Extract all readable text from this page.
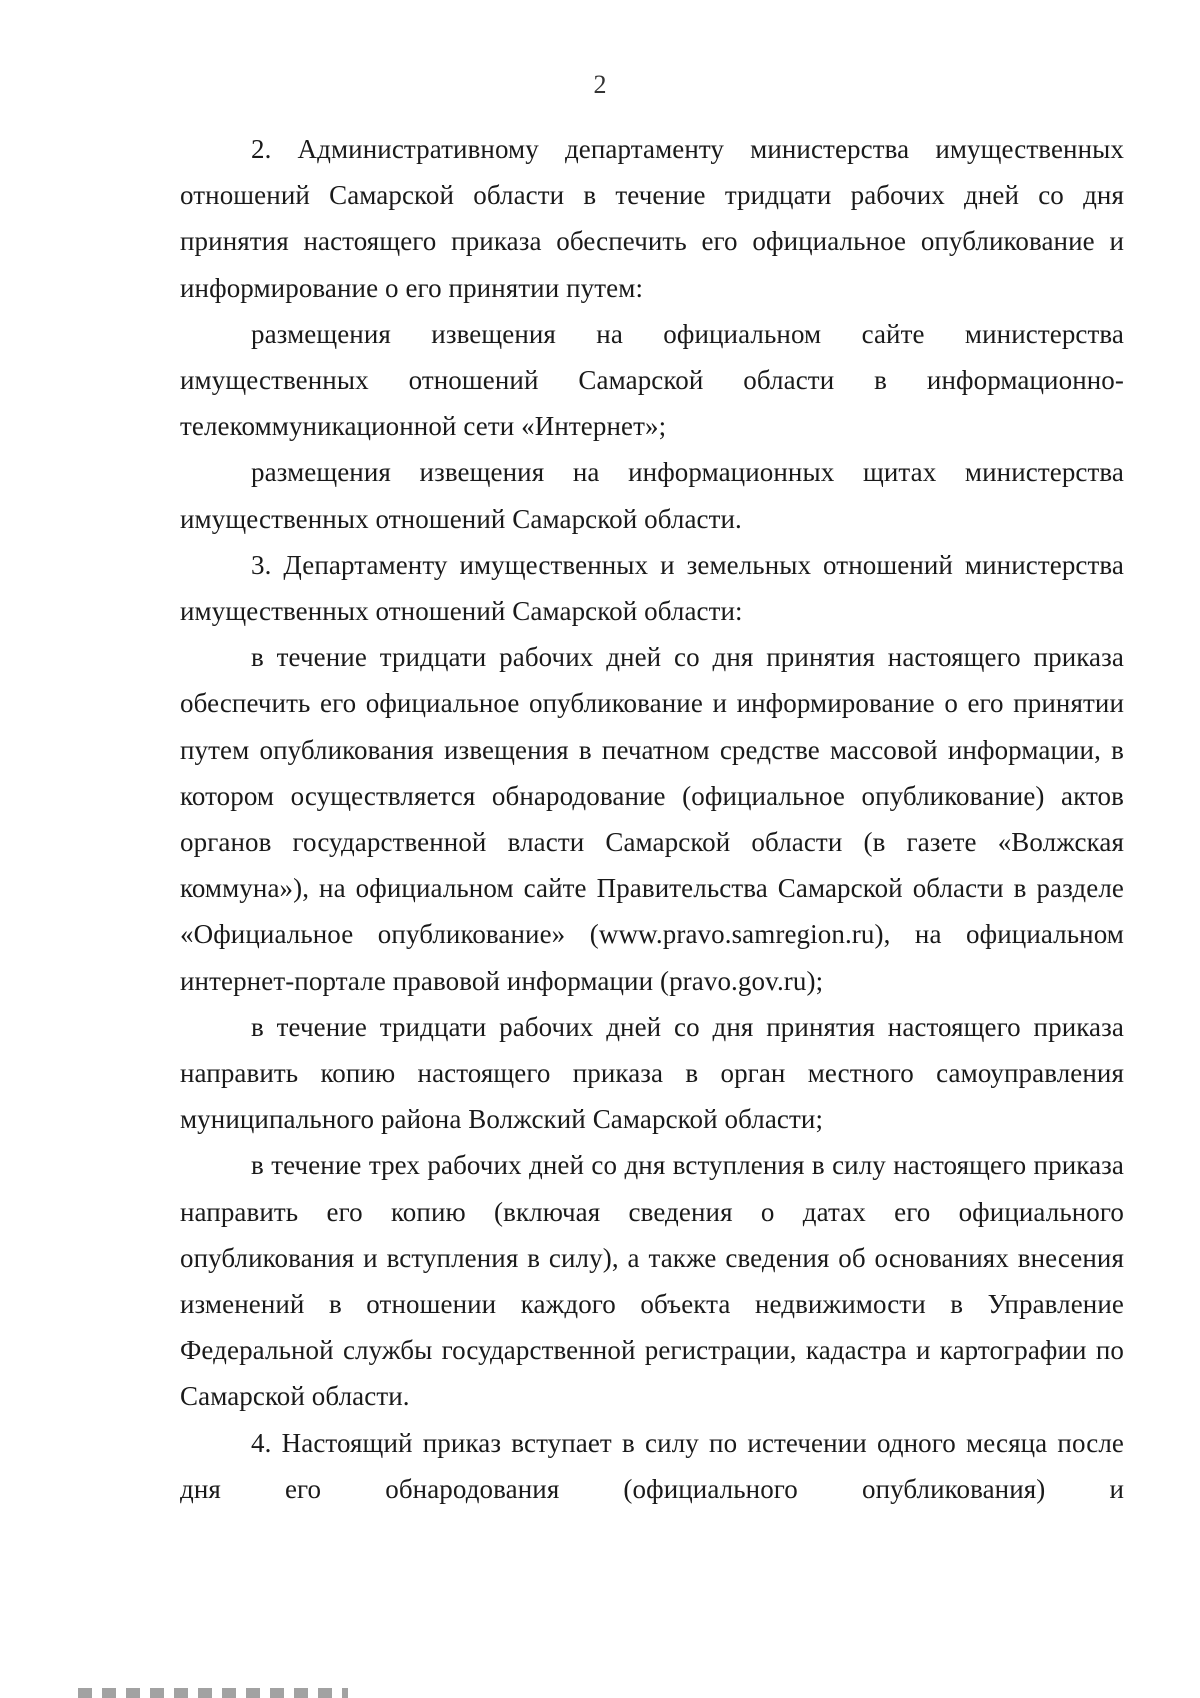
2

2. Административному департаменту министерства имущественных отношений Самарской области в течение тридцати рабочих дней со дня принятия настоящего приказа обеспечить его официальное опубликование и информирование о его принятии путем:

размещения извещения на официальном сайте министерства имущественных отношений Самарской области в информационно-телекоммуникационной сети «Интернет»;

размещения извещения на информационных щитах министерства имущественных отношений Самарской области.

3. Департаменту имущественных и земельных отношений министерства имущественных отношений Самарской области:

в течение тридцати рабочих дней со дня принятия настоящего приказа обеспечить его официальное опубликование и информирование о его принятии путем опубликования извещения в печатном средстве массовой информации, в котором осуществляется обнародование (официальное опубликование) актов органов государственной власти Самарской области (в газете «Волжская коммуна»), на официальном сайте Правительства Самарской области в разделе «Официальное опубликование» (www.pravo.samregion.ru), на официальном интернет-портале правовой информации (pravo.gov.ru);

в течение тридцати рабочих дней со дня принятия настоящего приказа направить копию настоящего приказа в орган местного самоуправления муниципального района Волжский Самарской области;

в течение трех рабочих дней со дня вступления в силу настоящего приказа направить его копию (включая сведения о датах его официального опубликования и вступления в силу), а также сведения об основаниях внесения изменений в отношении каждого объекта недвижимости в Управление Федеральной службы государственной регистрации, кадастра и картографии по Самарской области.

4. Настоящий приказ вступает в силу по истечении одного месяца после дня его обнародования (официального опубликования) и
